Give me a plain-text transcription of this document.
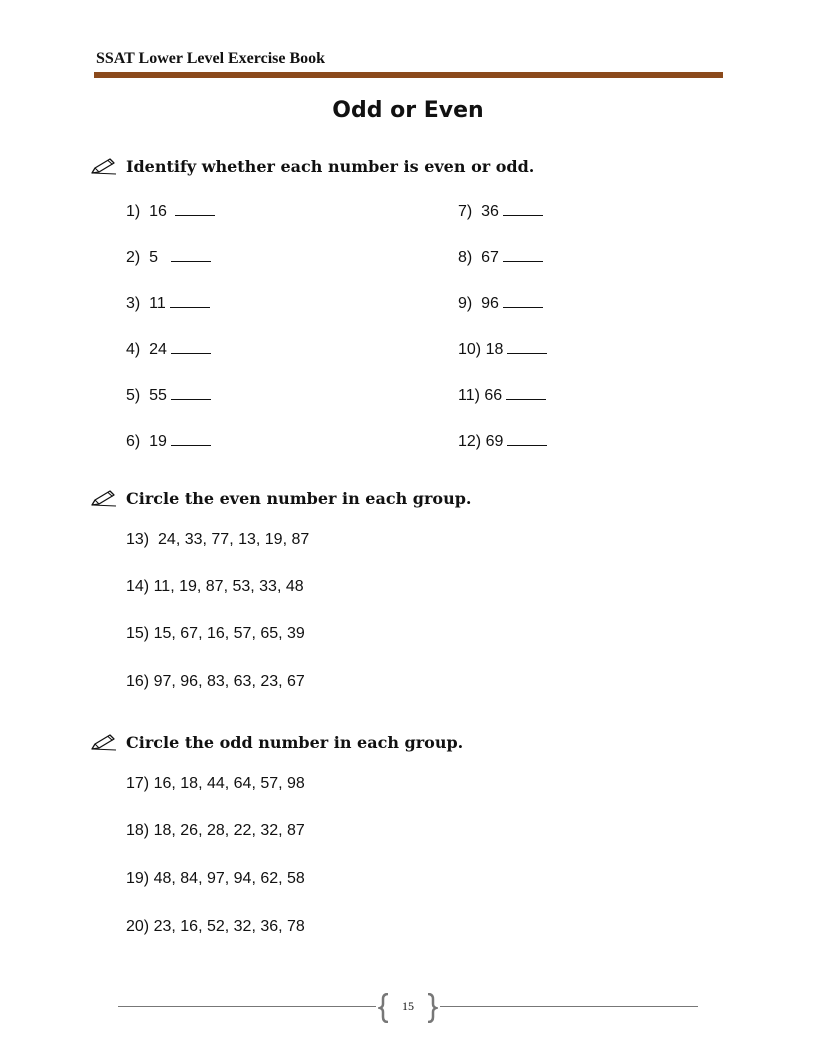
SSAT Lower Level Exercise Book
Odd or Even
Identify whether each number is even or odd.
1) 16
2) 5
3) 11
4) 24
5) 55
6) 19
7) 36
8) 67
9) 96
10) 18
11) 66
12) 69
Circle the even number in each group.
13) 24, 33, 77, 13, 19, 87
14) 11, 19, 87, 53, 33, 48
15) 15, 67, 16, 57, 65, 39
16) 97, 96, 83, 63, 23, 67
Circle the odd number in each group.
17) 16, 18, 44, 64, 57, 98
18) 18, 26, 28, 22, 32, 87
19) 48, 84, 97, 94, 62, 58
20) 23, 16, 52, 32, 36, 78
15
